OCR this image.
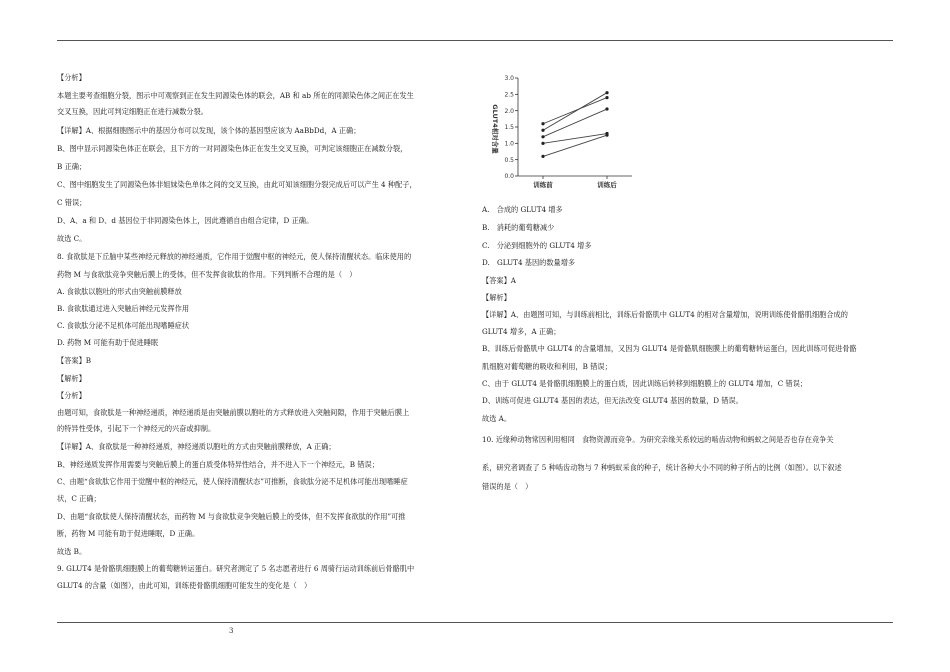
【分析】
本题主要考查细胞分裂，图示中可观察到正在发生同源染色体的联会，AB 和 ab 所在的同源染色体之间正在发生
交叉互换，因此可判定细胞正在进行减数分裂。
【详解】A、根据细胞图示中的基因分布可以发现，该个体的基因型应该为 AaBbDd，A 正确；
B、图中显示同源染色体正在联会，且下方的一对同源染色体正在发生交叉互换，可判定该细胞正在减数分裂，
B 正确；
C、图中细胞发生了同源染色体非姐妹染色单体之间的交叉互换，由此可知该细胞分裂完成后可以产生 4 种配子，
C 错误；
D、A、a 和 D、d 基因位于非同源染色体上，因此遵循自由组合定律，D 正确。
故选 C。
8. 食欲肽是下丘脑中某些神经元释放的神经递质，它作用于觉醒中枢的神经元，使人保持清醒状态。临床使用的
药物 M 与食欲肽竞争突触后膜上的受体，但不发挥食欲肽的作用。下列判断不合理的是（　）
A. 食欲肽以胞吐的形式由突触前膜释放
B. 食欲肽通过进入突触后神经元发挥作用
C. 食欲肽分泌不足机体可能出现嗜睡症状
D. 药物 M 可能有助于促进睡眠
【答案】B
【解析】
【分析】
由题可知，食欲肽是一种神经递质，神经递质是由突触前膜以胞吐的方式释放进入突触间隙，作用于突触后膜上
的特异性受体，引起下一个神经元的兴奋或抑制。
【详解】A、食欲肽是一种神经递质，神经递质以胞吐的方式由突触前膜释放，A 正确；
B、神经递质发挥作用需要与突触后膜上的蛋白质受体特异性结合，并不进入下一个神经元，B 错误；
C、由题“食欲肽它作用于觉醒中枢的神经元，使人保持清醒状态”可推断，食欲肽分泌不足机体可能出现嗜睡症
状，C 正确；
D、由题“食欲肽使人保持清醒状态，而药物 M 与食欲肽竞争突触后膜上的受体，但不发挥食欲肽的作用”可推
断，药物 M 可能有助于促进睡眠，D 正确。
故选 B。
9. GLUT4 是骨骼肌细胞膜上的葡萄糖转运蛋白。研究者测定了 5 名志愿者进行 6 周骑行运动训练前后骨骼肌中
GLUT4 的含量（如图），由此可知，训练使骨骼肌细胞可能发生的变化是（　）
0.0
0.5
1.0
1.5
2.0
2.5
3.0
GLUT4相对含量
训练前	训练后
A.　合成的 GLUT4 增多
B.　消耗的葡萄糖减少
C.　分泌到细胞外的 GLUT4 增多
D.　GLUT4 基因的数量增多
【答案】A
【解析】
【详解】A、由题图可知，与训练前相比，训练后骨骼肌中 GLUT4 的相对含量增加，说明训练使骨骼肌细胞合成的
GLUT4 增多，A 正确；
B、训练后骨骼肌中 GLUT4 的含量增加，又因为 GLUT4 是骨骼肌细胞膜上的葡萄糖转运蛋白，因此训练可促进骨骼
肌细胞对葡萄糖的吸收和利用，B 错误；
C、由于 GLUT4 是骨骼肌细胞膜上的蛋白质，因此训练后转移到细胞膜上的 GLUT4 增加，C 错误；
D、训练可促进 GLUT4 基因的表达，但无法改变 GLUT4 基因的数量，D 错误。
故选 A。
10. 近缘种动物常因利用相同　食物资源而竞争。为研究亲缘关系较远的啮齿动物和蚂蚁之间是否也存在竞争关
系，研究者调查了 5 种啮齿动物与 7 种蚂蚁采食的种子，统计各种大小不同的种子所占的比例（如图）。以下叙述
错误的是（　）
3
